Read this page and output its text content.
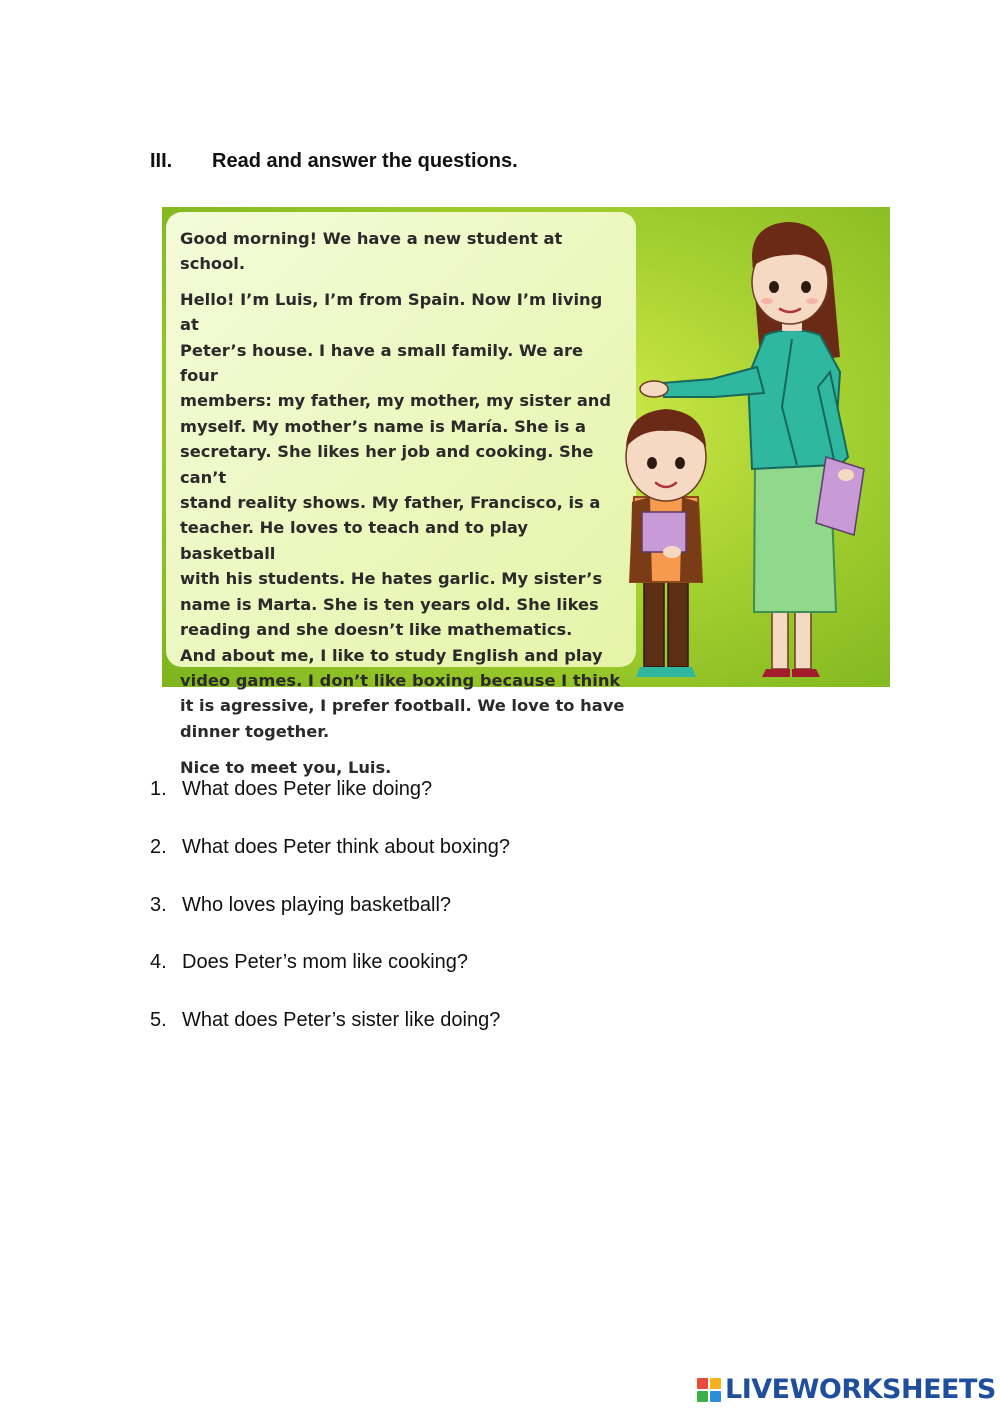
III.	Read and answer the questions.

Good morning! We have a new student at school.

Hello! I’m Luis, I’m from Spain. Now I’m living at
Peter’s house. I have a small family. We are four
members: my father, my mother, my sister and
myself. My mother’s name is María. She is a
secretary. She likes her job and cooking. She can’t
stand reality shows. My father, Francisco, is a
teacher. He loves to teach and to play basketball
with his students. He hates garlic. My sister’s
name is Marta. She is ten years old. She likes
reading and she doesn’t like mathematics.
And about me, I like to study English and play
video games. I don’t like boxing because I think
it is agressive, I prefer football. We love to have
dinner together.

Nice to meet you, Luis.

1. What does Peter like doing?
2. What does Peter think about boxing?
3. Who loves playing basketball?
4. Does Peter’s mom like cooking?
5. What does Peter’s sister like doing?
LIVEWORKSHEETS
